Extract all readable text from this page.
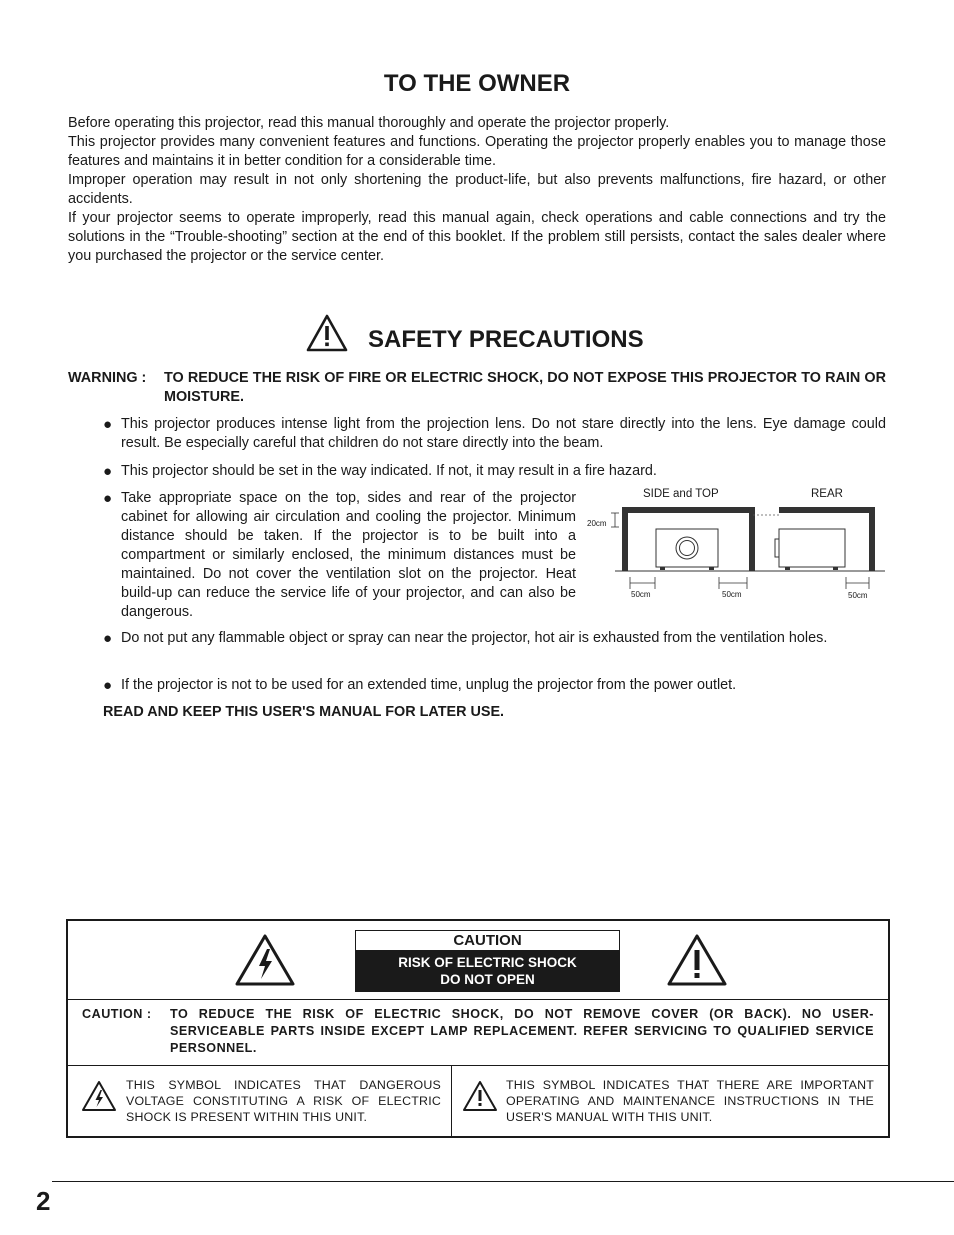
TO THE OWNER

Before operating this projector, read this manual thoroughly and operate the projector properly.

This projector provides many convenient features and functions. Operating the projector properly enables you to manage those features and maintains it in better condition for a considerable time.

Improper operation may result in not only shortening the product-life, but also prevents malfunctions, fire hazard, or other accidents.

If your projector seems to operate improperly, read this manual again, check operations and cable connections and try the solutions in the “Trouble-shooting” section at the end of this booklet. If the problem still persists, contact the sales dealer where you purchased the projector or the service center.

SAFETY PRECAUTIONS
WARNING : TO REDUCE THE RISK OF FIRE OR ELECTRIC SHOCK, DO NOT EXPOSE THIS PROJECTOR TO RAIN OR MOISTURE.
● This projector produces intense light from the projection lens. Do not stare directly into the lens. Eye damage could result. Be especially careful that children do not stare directly into the beam.
● This projector should be set in the way indicated. If not, it may result in a fire hazard.
● Take appropriate space on the top, sides and rear of the projector cabinet for allowing air circulation and cooling the projector. Minimum distance should be taken. If the projector is to be built into a compartment or similarly enclosed, the minimum distances must be maintained. Do not cover the ventilation slot on the projector. Heat build-up can reduce the service life of your projector, and can also be dangerous.
SIDE and TOP	REAR
20cm
50cm	50cm	50cm
● Do not put any flammable object or spray can near the projector, hot air is exhausted from the ventilation holes.
● If the projector is not to be used for an extended time, unplug the projector from the power outlet.
READ AND KEEP THIS USER'S MANUAL FOR LATER USE.
CAUTION
RISK OF ELECTRIC SHOCK
DO NOT OPEN
CAUTION : TO REDUCE THE RISK OF ELECTRIC SHOCK, DO NOT REMOVE COVER (OR BACK). NO USER-SERVICEABLE PARTS INSIDE EXCEPT LAMP REPLACEMENT. REFER SERVICING TO QUALIFIED SERVICE PERSONNEL.
THIS SYMBOL INDICATES THAT DANGEROUS VOLTAGE CONSTITUTING A RISK OF ELECTRIC SHOCK IS PRESENT WITHIN THIS UNIT.
THIS SYMBOL INDICATES THAT THERE ARE IMPORTANT OPERATING AND MAINTENANCE INSTRUCTIONS IN THE USER'S MANUAL WITH THIS UNIT.
2
